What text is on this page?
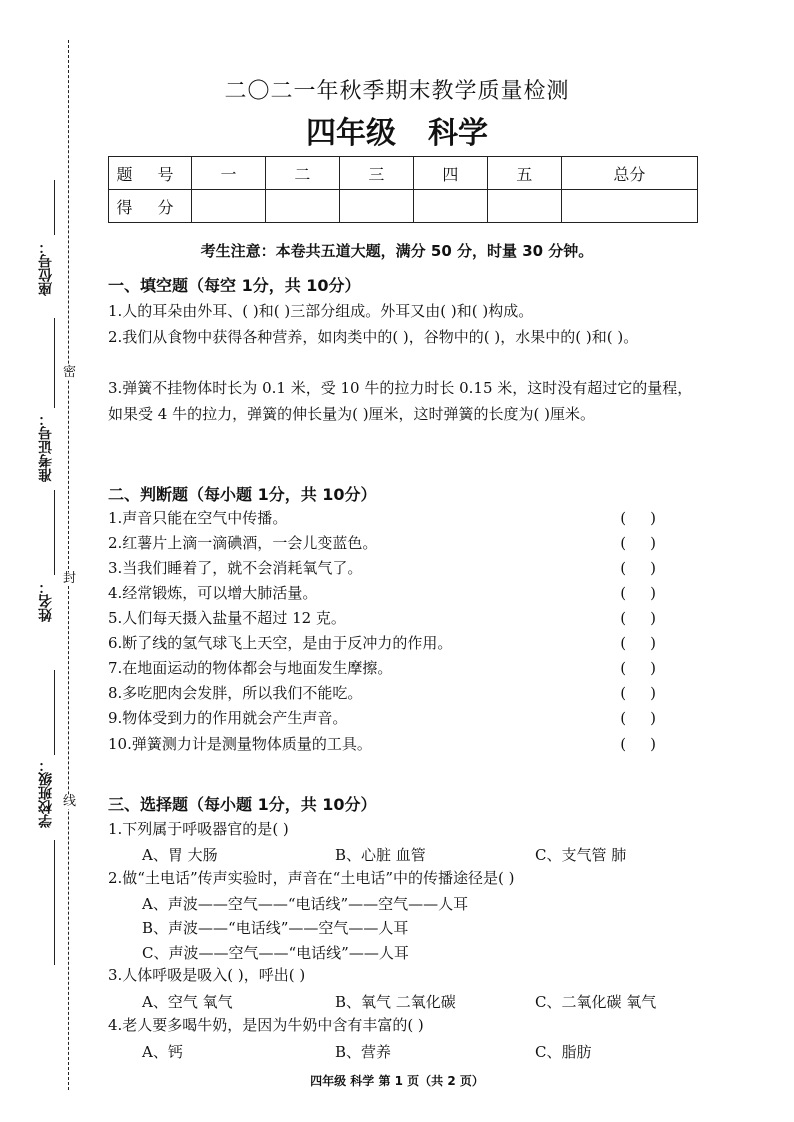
密
封
线
座位号：
准考证号：
姓名：
班级：
学校
二〇二一年秋季期末教学质量检测
四年级 科学
题 号	一	二	三	四	五	总分
得 分						
考生注意：本卷共五道大题，满分 50 分，时量 30 分钟。
一、填空题（每空 1分，共 10分）
1.人的耳朵由外耳、( )和( )三部分组成。外耳又由( )和( )构成。
2.我们从食物中获得各种营养，如肉类中的( )，谷物中的( )，水果中的( )和( )。
3.弹簧不挂物体时长为 0.1 米，受 10 牛的拉力时长 0.15 米，这时没有超过它的量程，如果受 4 牛的拉力，弹簧的伸长量为( )厘米，这时弹簧的长度为( )厘米。
二、判断题（每小题 1分，共 10分）
1.声音只能在空气中传播。	()
2.红薯片上滴一滴碘酒，一会儿变蓝色。	()
3.当我们睡着了，就不会消耗氧气了。	()
4.经常锻炼，可以增大肺活量。	()
5.人们每天摄入盐量不超过 12 克。	()
6.断了线的氢气球飞上天空，是由于反冲力的作用。	()
7.在地面运动的物体都会与地面发生摩擦。	()
8.多吃肥肉会发胖，所以我们不能吃。	()
9.物体受到力的作用就会产生声音。	()
10.弹簧测力计是测量物体质量的工具。	()
三、选择题（每小题 1分，共 10分）
1.下列属于呼吸器官的是( )
A、胃 大肠	B、心脏 血管	C、支气管 肺
2.做“土电话”传声实验时，声音在“土电话”中的传播途径是( )
A、声波——空气——“电话线”——空气——人耳
B、声波——“电话线”——空气——人耳
C、声波——空气——“电话线”——人耳
3.人体呼吸是吸入( )，呼出( )
A、空气 氧气	B、氧气 二氧化碳	C、二氧化碳 氧气
4.老人要多喝牛奶，是因为牛奶中含有丰富的( )
A、钙	B、营养	C、脂肪
四年级 科学 第 1 页（共 2 页）
